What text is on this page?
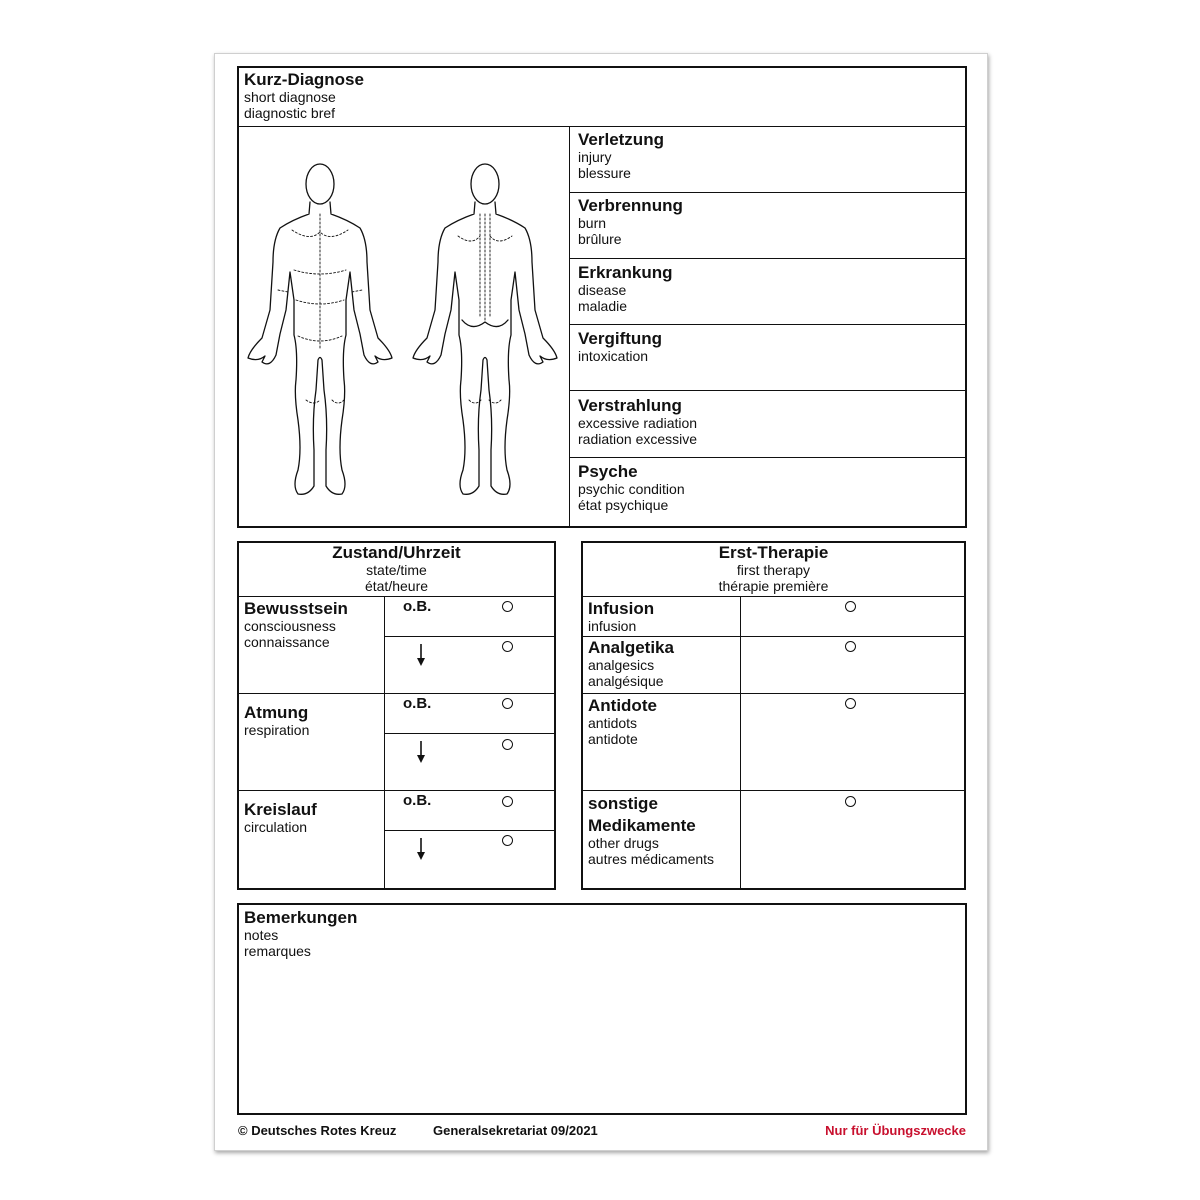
Kurz-Diagnose
short diagnose
diagnostic bref
Verletzung
injury
blessure
Verbrennung
burn
brûlure
Erkrankung
disease
maladie
Vergiftung
intoxication
Verstrahlung
excessive radiation
radiation excessive
Psyche
psychic condition
état psychique
Zustand/Uhrzeit
state/time
état/heure
Bewusstsein
consciousness
connaissance
Atmung
respiration
Kreislauf
circulation
o.B.
o.B.
o.B.
Erst-Therapie
first therapy
thérapie première
Infusion
infusion
Analgetika
analgesics
analgésique
Antidote
antidots
antidote
sonstige
Medikamente
other drugs
autres médicaments
Bemerkungen
notes
remarques
© Deutsches Rotes Kreuz	Generalsekretariat 09/2021	Nur für Übungszwecke
